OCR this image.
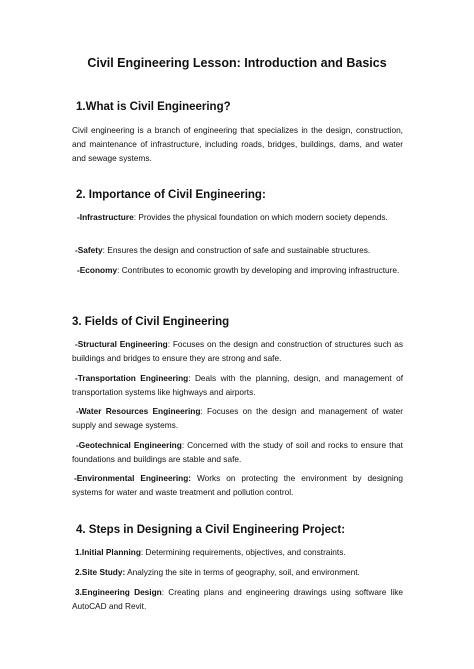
Civil Engineering Lesson: Introduction and Basics
1.What is Civil Engineering?

Civil engineering is a branch of engineering that specializes in the design, construction, and maintenance of infrastructure, including roads, bridges, buildings, dams, and water and sewage systems.

2. Importance of Civil Engineering:

-Infrastructure: Provides the physical foundation on which modern society depends.

-Safety: Ensures the design and construction of safe and sustainable structures.

-Economy: Contributes to economic growth by developing and improving infrastructure.

3. Fields of Civil Engineering

-Structural Engineering: Focuses on the design and construction of structures such as buildings and bridges to ensure they are strong and safe.

-Transportation Engineering: Deals with the planning, design, and management of transportation systems like highways and airports.

-Water Resources Engineering: Focuses on the design and management of water supply and sewage systems.

-Geotechnical Engineering: Concerned with the study of soil and rocks to ensure that foundations and buildings are stable and safe.

-Environmental Engineering: Works on protecting the environment by designing systems for water and waste treatment and pollution control.

4. Steps in Designing a Civil Engineering Project:

1.Initial Planning: Determining requirements, objectives, and constraints.

2.Site Study: Analyzing the site in terms of geography, soil, and environment.

3.Engineering Design: Creating plans and engineering drawings using software like AutoCAD and Revit.
